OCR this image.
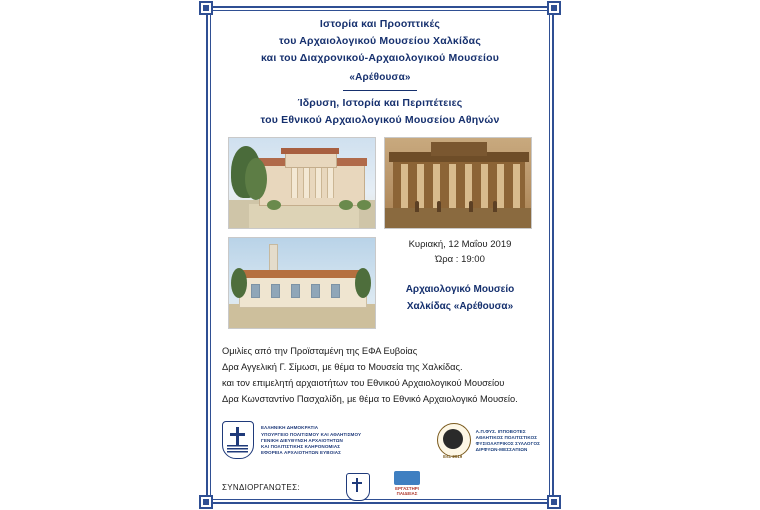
Ιστορία και Προοπτικές
του Αρχαιολογικού Μουσείου Χαλκίδας
και του Διαχρονικού-Αρχαιολογικού Μουσείου
«Αρέθουσα»
Ίδρυση, Ιστορία και Περιπέτειες
του Εθνικού Αρχαιολογικού Μουσείου Αθηνών
Κυριακή, 12 Μαΐου 2019
Ώρα : 19:00
Αρχαιολογικό Μουσείο
Χαλκίδας «Αρέθουσα»

Ομιλίες από την Προϊσταμένη της ΕΦΑ Ευβοίας

Δρα Αγγελική Γ. Σίμωσι, με θέμα το Μουσεία της Χαλκίδας.

και τον επιμελητή αρχαιοτήτων του Εθνικού Αρχαιολογικού Μουσείου

Δρα Κωνσταντίνο Πασχαλίδη, με θέμα το Εθνικό Αρχαιολογικό Μουσείο.

ΕΛΛΗΝΙΚΗ ΔΗΜΟΚΡΑΤΙΑ
ΥΠΟΥΡΓΕΙΟ ΠΟΛΙΤΙΣΜΟΥ ΚΑΙ ΑΘΛΗΤΙΣΜΟΥ
ΓΕΝΙΚΗ ΔΙΕΥΘΥΝΣΗ ΑΡΧΑΙΟΤΗΤΩΝ
ΚΑΙ ΠΟΛΙΤΙΣΤΙΚΗΣ ΚΛΗΡΟΝΟΜΙΑΣ
ΕΦΟΡΕΙΑ ΑΡΧΑΙΟΤΗΤΩΝ ΕΥΒΟΙΑΣ
Est. 2019
Α.Π.ΦΥΣ. ΙΠΠΟΒΟΤΕΣ
ΑΘΛΗΤΙΚΟΣ ΠΟΛΙΤΙΣΤΙΚΟΣ
ΦΥΣΙΟΛΑΤΡΙΚΟΣ ΣΥΛΛΟΓΟΣ
ΔΙΡΦΥΩΝ-ΜΕΣΣΑΠΙΩΝ
ΣΥΝΔΙΟΡΓΑΝΩΤΕΣ:	ΕΡΓΑΣΤΗΡΙ
ΠΑΙΔΕΙΑΣ
